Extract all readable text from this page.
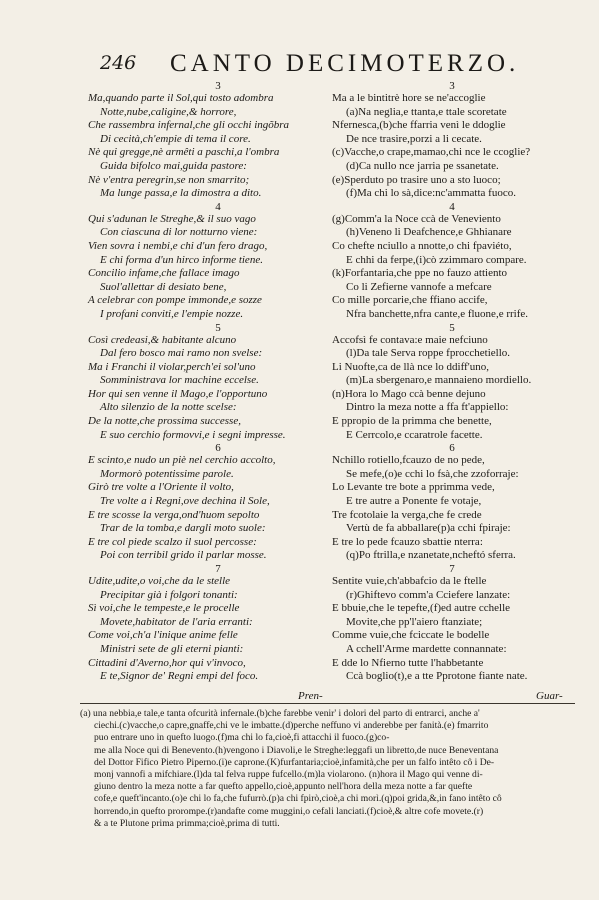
246 CANTO DECIMOTERZO.
3
Ma,quando parte il Sol,qui tosto adombra
Notte,nube,caligine,& horrore,
Che rassembra infernal,che gli occhi ingõbra
Di cecità,ch'empie di tema il core.
Nè qui gregge,nè armêti a paschi,a l'ombra
Guida bifolco mai,guida pastore:
Nè v'entra peregrin,se non smarrito;
Ma lunge passa,e la dimostra a dito.
4
Qui s'adunan le Streghe,& il suo vago
Con ciascuna di lor notturno viene:
Vien sovra i nembi,e chi d'un fero drago,
E chi forma d'un hirco informe tiene.
Concilio infame,che fallace imago
Suol'allettar di desiato bene,
A celebrar con pompe immonde,e sozze
I profani conviti,e l'empie nozze.
5
Così credeasi,& habitante alcuno
Dal fero bosco mai ramo non svelse:
Ma i Franchi il violar,perch'ei sol'uno
Somministrava lor machine eccelse.
Hor qui sen venne il Mago,e l'opportuno
Alto silenzio de la notte scelse:
De la notte,che prossima successe,
E suo cerchio formovvi,e i segni impresse.
6
E scinto,e nudo un piè nel cerchio accolto,
Mormorò potentissime parole.
Girò tre volte a l'Oriente il volto,
Tre volte a i Regni,ove dechina il Sole,
E tre scosse la verga,ond'huom sepolto
Trar de la tomba,e dargli moto suole:
E tre col piede scalzo il suol percosse:
Poi con terribil grido il parlar mosse.
7
Udite,udite,o voi,che da le stelle
Precipitar già i folgori tonanti:
Sì voi,che le tempeste,e le procelle
Movete,habitator de l'aria erranti:
Come voi,ch'a l'inique anime felle
Ministri sete de gli eterni pianti:
Cittadini d'Averno,hor qui v'invoco,
E te,Signor de' Regni empi del foco.
3
Ma a le bintitrè hore se ne'accoglie
(a)Na neglia,e ttanta,e ttale scoretate
Nfernesca,(b)che ffarria venì le ddoglie
De nce trasire,porzi a li cecate.
(c)Vacche,o crape,mamao,chi nce le ccoglie?
(d)Ca nullo nce jarria pe ssanetate.
(e)Sperduto po trasire uno a sto luoco;
(f)Ma chi lo sà,dice:nc'ammatta fuoco.
4
(g)Comm'a la Noce ccà de Veneviento
(h)Veneno li Deafchence,e Ghhianare
Co chefte nciullo a nnotte,o chi fpaviéto,
E chhi da ferpe,(i)cò zzimmaro compare.
(k)Forfantaria,che ppe no fauzo attiento
Co li Zefierne vannofe a mefcare
Co mille porcarie,che ffiano accife,
Nfra banchette,nfra cante,e fluone,e rrife.
5
Accofsì fe contava:e maie nefciuno
(l)Da tale Serva roppe fprocchetiello.
Li Nuofte,ca de llà nce lo ddiff'uno,
(m)La sbergenaro,e mannaieno mordiello.
(n)Hora lo Mago ccà benne dejuno
Dintro la meza notte a ffa ft'appiello:
E ppropio de la primma che benette,
E Cerrcolo,e ccaratrole facette.
6
Nchillo rotiello,fcauzo de no pede,
Se mefe,(o)e cchi lo fsà,che zzoforraje:
Lo Levante tre bote a pprimma vede,
E tre autre a Ponente fe votaje,
Tre fcotolaie la verga,che fe crede
Vertù de fa abballare(p)a cchi fpiraje:
E tre lo pede fcauzo sbattie nterra:
(q)Po ftrilla,e nzanetate,ncheftó sferra.
7
Sentite vuie,ch'abbafcio da le ftelle
(r)Ghiftevo comm'a Cciefere lanzate:
E bbuie,che le tepefte,(f)ed autre cchelle
Movite,che pp'l'aiero ftanziate;
Comme vuie,che fciccate le bodelle
A cchell'Arme mardette connannate:
E dde lo Nfierno tutte l'habbetante
Ccà boglio(t),e a tte Pprotone fiante nate.
Pren-	Guar-
(a) una nebbia,e tale,e tanta ofcurità infernale.(b)che farebbe venir' i dolori del parto di entrarci, anche a'
ciechi.(c)vacche,o capre,gnaffe,chi ve le imbatte.(d)perche neffuno vi anderebbe per fanità.(e) fmarrito
puo entrare uno in quefto luogo.(f)ma chi lo fa,cioè,fi attacchi il fuoco.(g)co-
me alla Noce qui di Benevento.(h)vengono i Diavoli,e le Streghe:leggafi un libretto,de nuce Beneventana
del Dottor Fifico Pietro Piperno.(i)e caprone.(K)furfantaria;cioè,infamità,che per un falfo intêto cô i De-
monj vannofi a mifchiare.(l)da tal felva ruppe fufcello.(m)la violarono. (n)hora il Mago qui venne di-
giuno dentro la meza notte a far quefto appello,cioè,appunto nell'hora della meza notte a far quefte
cofe,e queft'incanto.(o)e chi lo fa,che fufurrò.(p)a chi fpirò,cioè,a chi morì.(q)poi grida,&,in fano intêto cô
horrendo,in quefto prorompe.(r)andafte come muggini,o cefali lanciati.(f)cioè,& altre cofe movete.(r)
& a te Plutone prima primma;cioè,prima di tutti.
